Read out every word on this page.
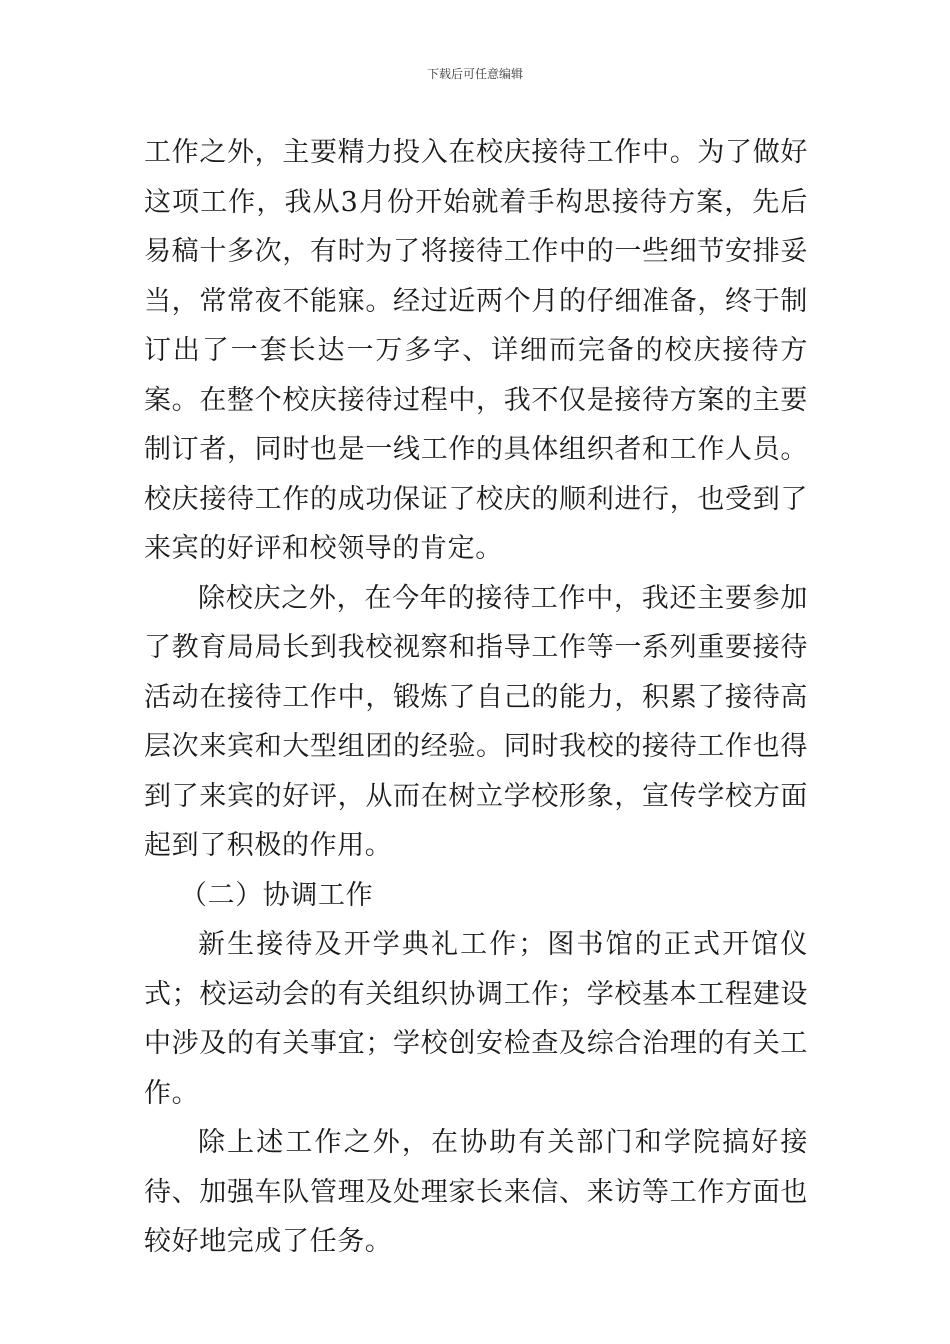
下载后可任意编辑

工作之外，主要精力投入在校庆接待工作中。为了做好这项工作，我从3月份开始就着手构思接待方案，先后易稿十多次，有时为了将接待工作中的一些细节安排妥当，常常夜不能寐。经过近两个月的仔细准备，终于制订出了一套长达一万多字、详细而完备的校庆接待方案。在整个校庆接待过程中，我不仅是接待方案的主要制订者，同时也是一线工作的具体组织者和工作人员。校庆接待工作的成功保证了校庆的顺利进行，也受到了来宾的好评和校领导的肯定。

除校庆之外，在今年的接待工作中，我还主要参加了教育局局长到我校视察和指导工作等一系列重要接待活动在接待工作中，锻炼了自己的能力，积累了接待高层次来宾和大型组团的经验。同时我校的接待工作也得到了来宾的好评，从而在树立学校形象，宣传学校方面起到了积极的作用。

（二）协调工作

新生接待及开学典礼工作；图书馆的正式开馆仪式；校运动会的有关组织协调工作；学校基本工程建设中涉及的有关事宜；学校创安检查及综合治理的有关工作。

除上述工作之外，在协助有关部门和学院搞好接待、加强车队管理及处理家长来信、来访等工作方面也较好地完成了任务。
